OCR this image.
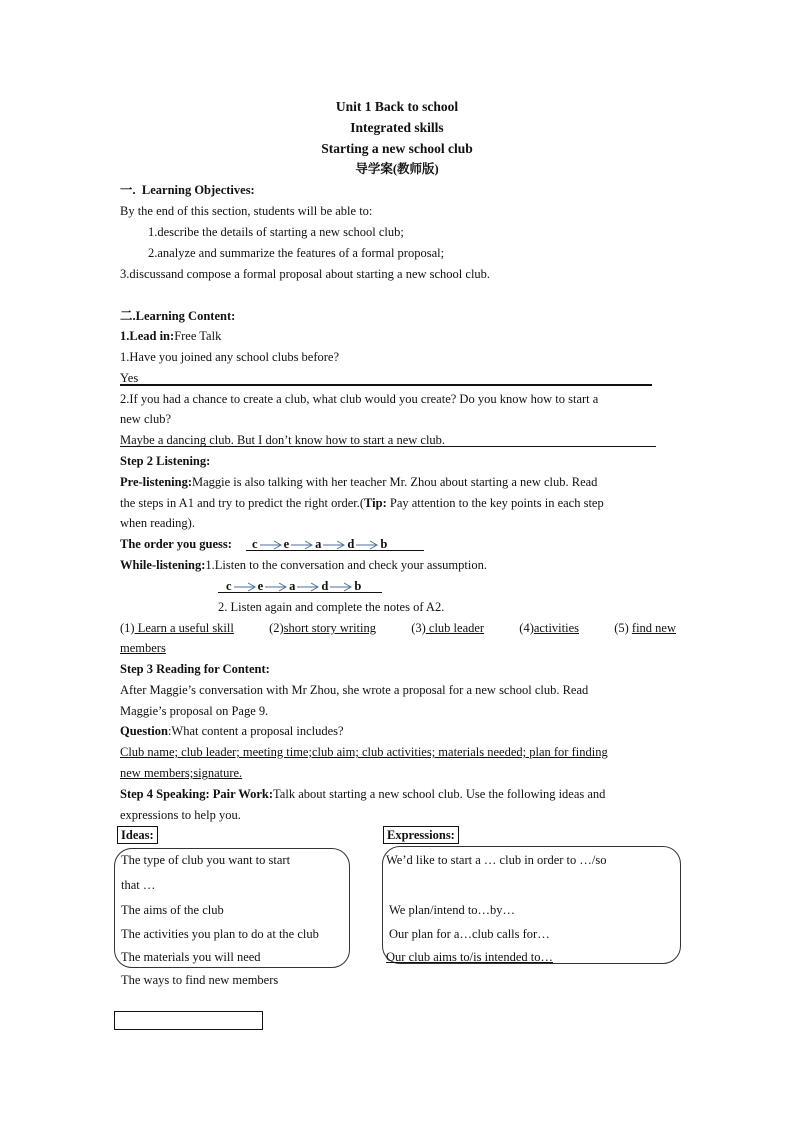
Unit 1 Back to school
Integrated skills
Starting a new school club
导学案(教师版)
一. Learning Objectives:
By the end of this section, students will be able to:
1.describe the details of starting a new school club;
2.analyze and summarize the features of a formal proposal;
3.discussand compose a formal proposal about starting a new school club.
二.Learning Content:
1.Lead in:Free Talk
1.Have you joined any school clubs before?
Yes
2.If you had a chance to create a club, what club would you create? Do you know how to start a
new club?
Maybe a dancing club. But I don’t know how to start a new club.
Step 2 Listening:
Pre-listening:Maggie is also talking with her teacher Mr. Zhou about starting a new club. Read
the steps in A1 and try to predict the right order.(Tip: Pay attention to the key points in each step
when reading).
The order you guess: c e a d b
While-listening:1.Listen to the conversation and check your assumption.
c e a d b
2. Listen again and complete the notes of A2.
(1) Learn a useful skill	(2)short story writing	(3) club leader	(4)activities	(5) find new
members
Step 3 Reading for Content:
After Maggie’s conversation with Mr Zhou, she wrote a proposal for a new school club. Read
Maggie’s proposal on Page 9.
Question:What content a proposal includes?
Club name; club leader; meeting time;club aim; club activities; materials needed; plan for finding
new members;signature.
Step 4 Speaking: Pair Work:Talk about starting a new school club. Use the following ideas and
expressions to help you.
Ideas:	Expressions:
The type of club you want to start
that …
The aims of the club
The activities you plan to do at the club
The materials you will need
The ways to find new members
We’d like to start a … club in order to …/so
We plan/intend to…by…
Our plan for a…club calls for…
Our club aims to/is intended to…
